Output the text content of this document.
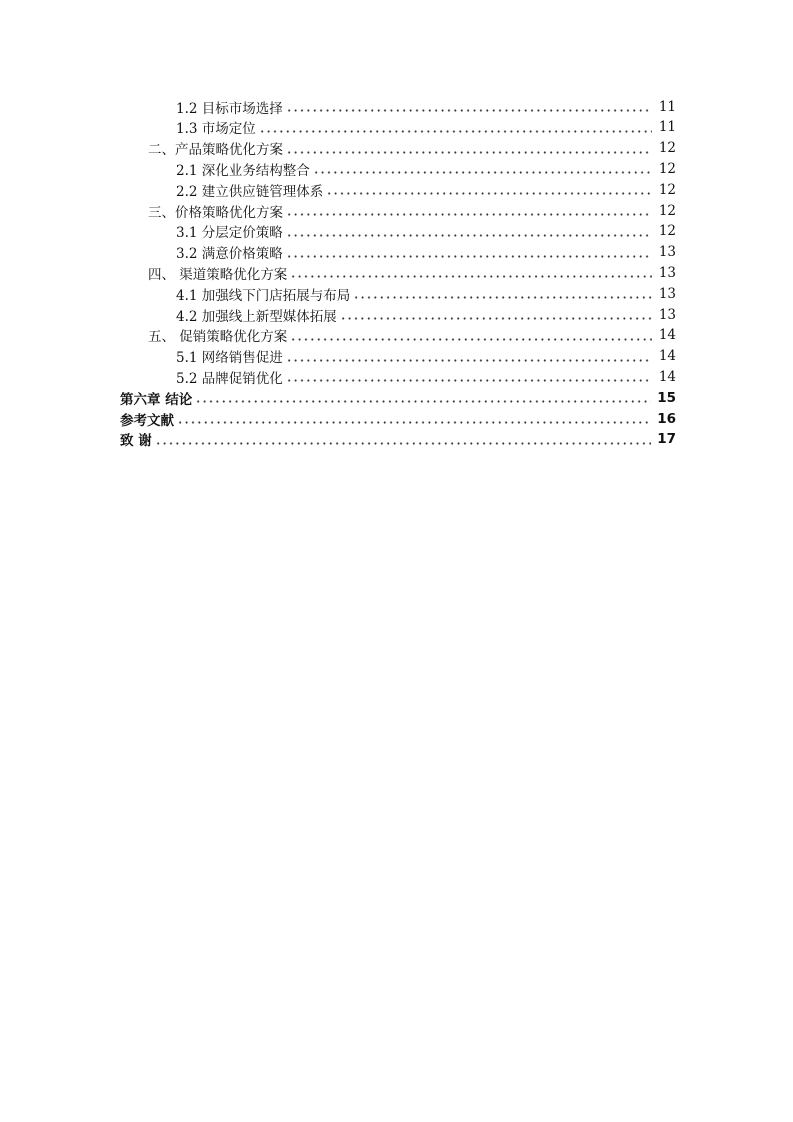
1.2 目标市场选择	11
1.3 市场定位	11
二、产品策略优化方案	12
2.1 深化业务结构整合	12
2.2 建立供应链管理体系	12
三、价格策略优化方案	12
3.1 分层定价策略	12
3.2 满意价格策略	13
四、 渠道策略优化方案	13
4.1 加强线下门店拓展与布局	13
4.2 加强线上新型媒体拓展	13
五、 促销策略优化方案	14
5.1 网络销售促进	14
5.2 品牌促销优化	14
第六章 结论	15
参考文献	16
致 谢	17
